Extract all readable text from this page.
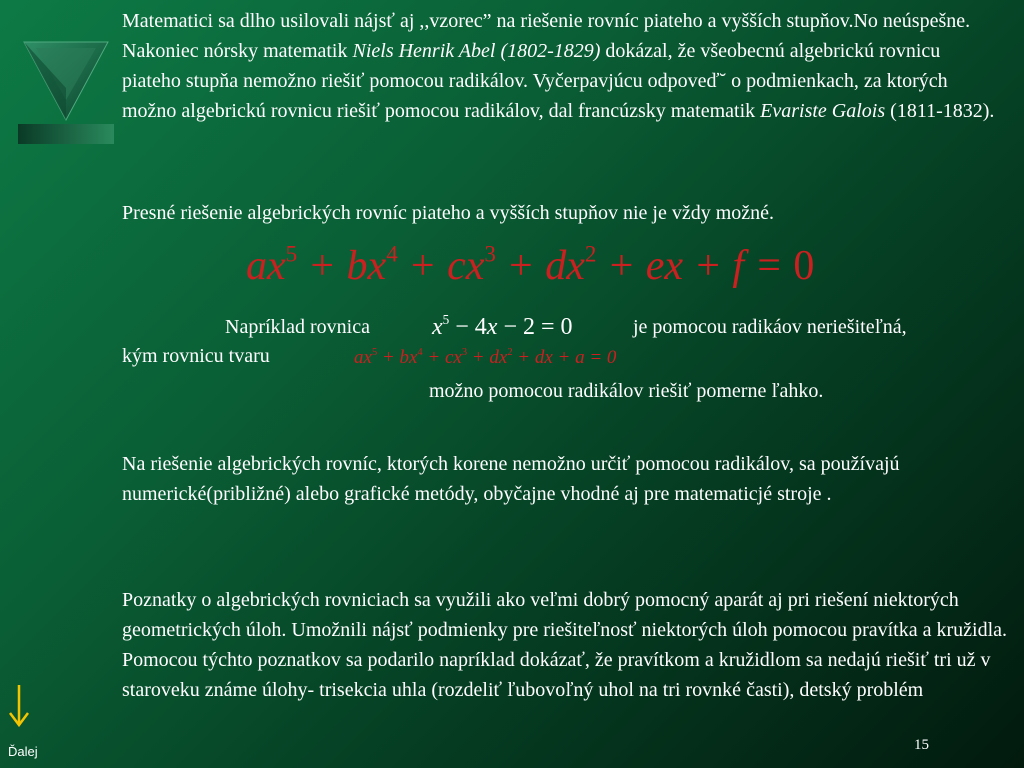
Matematici sa dlho usilovali nájsť aj ,,vzorec” na riešenie rovníc piateho a vyšších stupňov.No neúspešne. Nakoniec nórsky matematik Niels Henrik Abel (1802-1829) dokázal, že všeobecnú algebrickú rovnicu piateho stupňa nemožno riešiť pomocou radikálov. Vyčerpavjúcu odpoveď˘ o podmienkach, za ktorých možno algebrickú rovnicu riešiť pomocou radikálov, dal francúzsky matematik Evariste Galois (1811-1832).

Presné riešenie algebrických rovníc piateho a vyšších stupňov nie je vždy možné.

$ax^5 + bx^4 + cx^3 + dx^2$ + ex + f = 0
Napríklad rovnica	$x^5 - 4x - 2 = 0$	je pomocou radikáov neriešiteľná,
kým rovnicu tvaru	$ax^5 + bx^4 + cx^3 + dx^2$ + dx + a = 0
možno pomocou radikálov riešiť pomerne ľahko.

Na riešenie algebrických rovníc, ktorých korene nemožno určiť pomocou radikálov, sa používajú numerické(približné) alebo grafické metódy, obyčajne vhodné aj pre matematicjé stroje .

Poznatky o algebrických rovniciach sa využili ako veľmi dobrý pomocný aparát aj pri riešení niektorých geometrických úloh. Umožnili nájsť podmienky pre riešiteľnosť niektorých úloh pomocou pravítka a kružidla. Pomocou týchto poznatkov sa podarilo napríklad dokázať, že pravítkom a kružidlom sa nedajú riešiť tri už v staroveku známe úlohy- trisekcia uhla (rozdeliť ľubovoľný uhol na tri rovnké časti), detský problém

Ďalej	15
